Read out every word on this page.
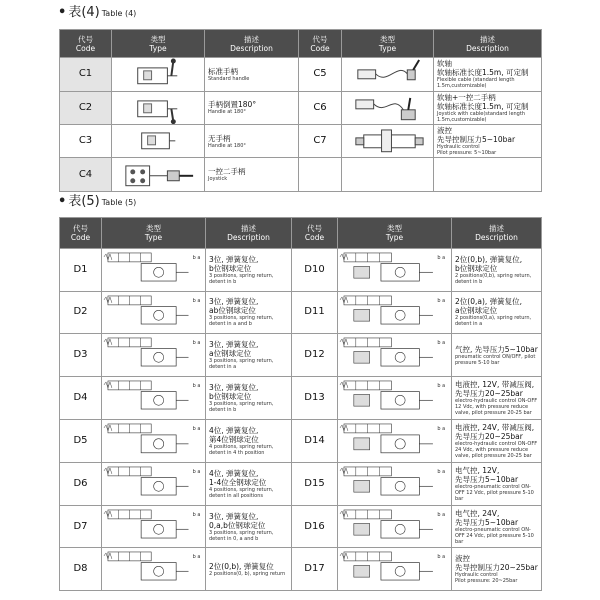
• 表(4) Table (4)
代号
Code	类型
Type	描述
Description	代号
Code	类型
Type	描述
Description
C1		标准手柄
Standard handle	C5		软轴
软轴标准长度1.5m, 可定制
Flexible cable (standard length 1.5m,customizable)

C2		手柄倒置180°
Handle at 180°	C6		软轴+一控二手柄
软轴标准长度1.5m, 可定制
Joystick with cable(standard length 1.5m,customizable)

C3		无手柄
Handle at 180°	C7		液控
先导控制压力5~10bar
Hydraulic control
Pilot pressure: 5~10bar

C4		一控二手柄
Joystick			

• 表(5) Table (5)
代号
Code	类型
Type	描述
Description	代号
Code	类型
Type	描述
Description
D1	b a	3位, 弹簧复位,
b位钢球定位
3 positions, spring return, detent in b	D10	b a	2位(0,b), 弹簧复位,
b位钢球定位
2 positions(0,b), spring return, detent in b

D2	b a	3位, 弹簧复位,
ab位钢球定位
3 positions, spring return, detent in a and b	D11	b a	2位(0,a), 弹簧复位,
a位钢球定位
2 positions(0,a), spring return, detent in a

D3	b a	3位, 弹簧复位,
a位钢球定位
3 positions, spring return, detent in a	D12	b a	气控, 先导压力5~10bar
pneumatic control ON/OFF, pilot pressure 5-10 bar

D4	b a	3位, 弹簧复位,
b位钢球定位
3 positions, spring return, detent in b	D13	b a	电液控, 12V, 带减压阀,
先导压力20~25bar
electro-hydraulic control ON-OFF 12 Vdc, with pressure reduce valve, pilot pressure 20-25 bar

D5	b a	4位, 弹簧复位,
第4位钢球定位
4 positions, spring return, detent in 4 th position	D14	b a	电液控, 24V, 带减压阀,
先导压力20~25bar
electro-hydraulic control ON-OFF 24 Vdc, with pressure reduce valve, pilot pressure 20-25 bar

D6	b a	4位, 弹簧复位,
1-4位全钢球定位
4 positions, spring return, detent in all positions	D15	b a	电气控, 12V,
先导压力5~10bar
electro-pneumatic control ON-OFF 12 Vdc, pilot pressure 5-10 bar

D7	b a	3位, 弹簧复位,
0,a,b位钢球定位
3 positions, spring return, detent in 0, a and b	D16	b a	电气控, 24V,
先导压力5~10bar
electro-pneumatic control ON-OFF 24 Vdc, pilot pressure 5-10 bar

D8	b a	2位(0,b), 弹簧复位
2 positions(0, b), spring return	D17	b a	液控
先导控制压力20~25bar
Hydraulic control
Pilot pressure: 20~25bar
